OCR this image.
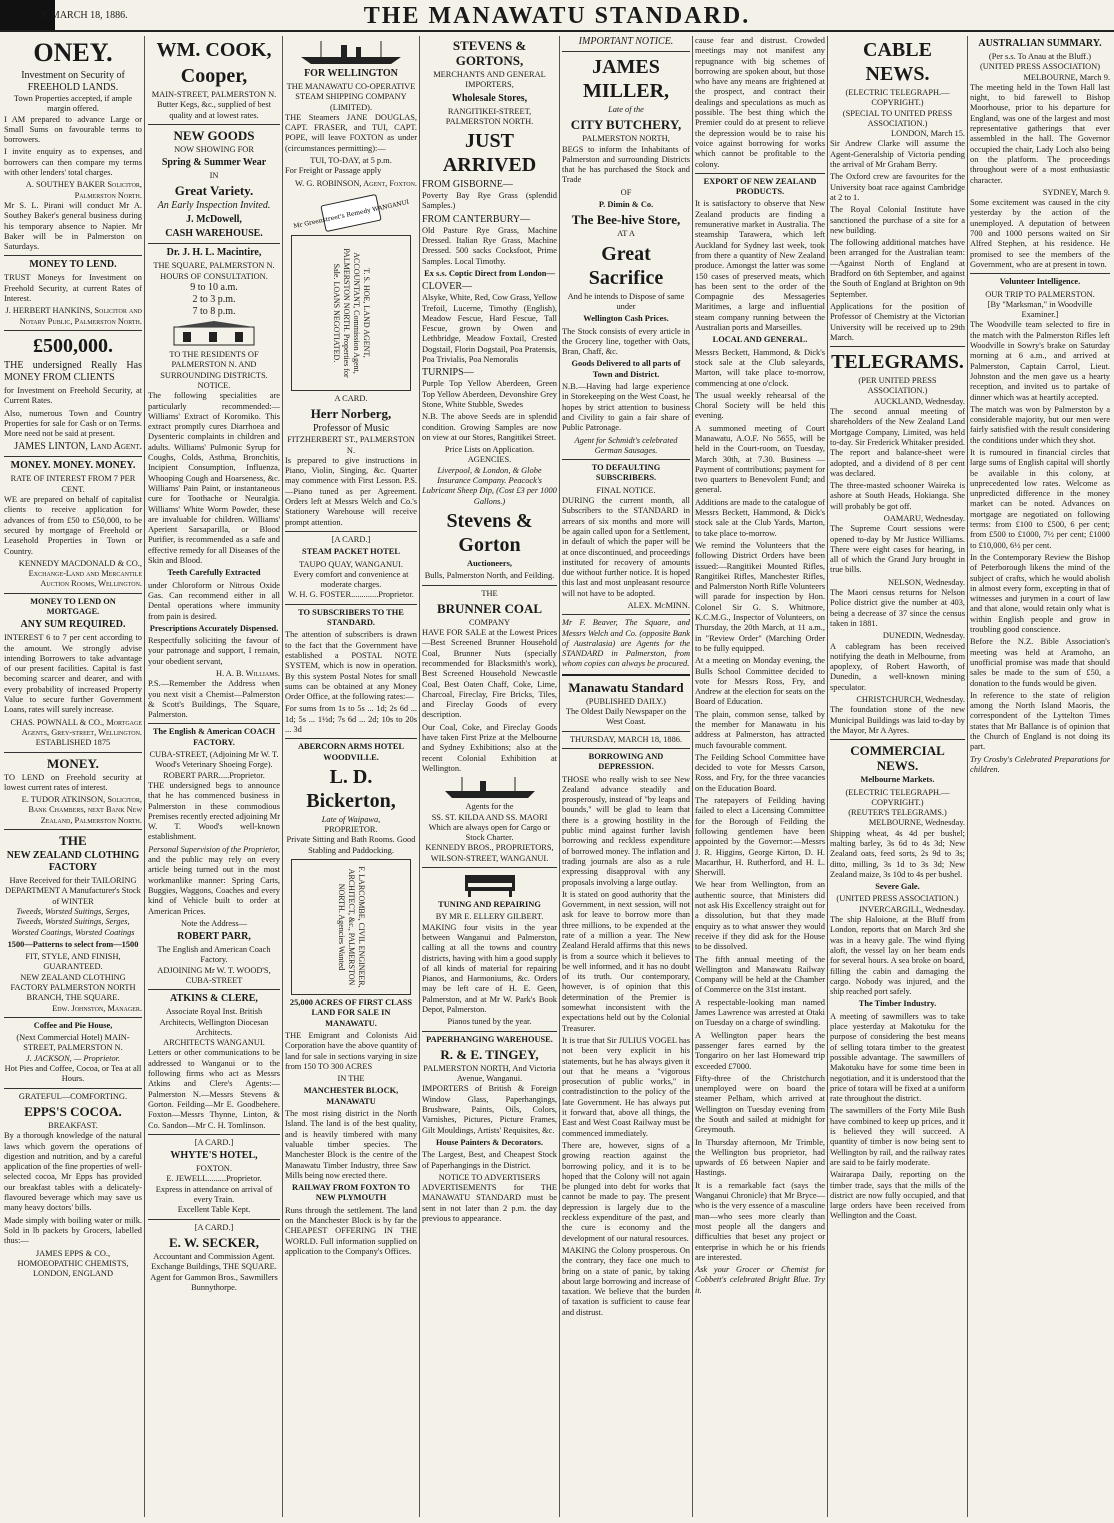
Y, MARCH 18, 1886.	THE MANAWATU STANDARD.
ONEY.
Investment on Security of FREEHOLD LANDS.
Town Properties accepted, if ample margin offered.
I AM prepared to advance Large or Small Sums on favourable terms to borrowers.
I invite enquiry as to expenses, and borrowers can then compare my terms with other lenders' total charges.
A. SOUTHEY BAKER Solicitor, Palmerston North.
Mr S. L. Pirani will conduct Mr A. Southey Baker's general business during his temporary absence to Napier. Mr Baker will be in Palmerston on Saturdays.
MONEY TO LEND.
TRUST Moneys for Investment on Freehold Security, at current Rates of Interest.
J. HERBERT HANKINS, Solicitor and Notary Public, Palmerston North.
£500,000.
THE undersigned Really Has MONEY FROM CLIENTS
for Investment on Freehold Security, at Current Rates.
Also, numerous Town and Country Properties for sale for Cash or on Terms. More need not be said at present.
JAMES LINTON, Land Agent.
MONEY. MONEY. MONEY.
RATE OF INTEREST FROM 7 PER CENT.
WE are prepared on behalf of capitalist clients to receive application for advances of from £50 to £50,000, to be secured by mortgage of Freehold or Leasehold Properties in Town or Country.
KENNEDY MACDONALD & CO., Exchange-Land and Mercantile Auction Rooms, Wellington.
MONEY TO LEND ON MORTGAGE.
ANY SUM REQUIRED.
INTEREST 6 to 7 per cent according to the amount. We strongly advise intending Borrowers to take advantage of our present facilities. Capital is fast becoming scarcer and dearer, and with every probability of increased Property Value to secure further Government Loans, rates will surely increase.
CHAS. POWNALL & CO., Mortgage Agents, Grey-street, Wellington.
ESTABLISHED 1875
MONEY.
TO LEND on Freehold security at lowest current rates of interest.
E. TUDOR ATKINSON, Solicitor, Bank Chambers, next Bank New Zealand, Palmerston North.
THE
NEW ZEALAND CLOTHING FACTORY
Have Received for their TAILORING DEPARTMENT A Manufacturer's Stock of WINTER
Tweeds, Worsted Suitings, Serges, Tweeds, Worsted Suitings, Serges, Worsted Coatings, Worsted Coatings
1500—Patterns to select from—1500
FIT, STYLE, AND FINISH, GUARANTEED.
NEW ZEALAND CLOTHING FACTORY PALMERSTON NORTH BRANCH, THE SQUARE.
Edw. Johnston, Manager.
Coffee and Pie House,
(Next Commercial Hotel) MAIN-STREET, PALMERSTON N.
J. JACKSON, — Proprietor.
Hot Pies and Coffee, Cocoa, or Tea at all Hours.
GRATEFUL—COMFORTING.
EPPS'S COCOA.
BREAKFAST.
By a thorough knowledge of the natural laws which govern the operations of digestion and nutrition, and by a careful application of the fine properties of well-selected cocoa, Mr Epps has provided our breakfast tables with a delicately-flavoured beverage which may save us many heavy doctors' bills.
Made simply with boiling water or milk. Sold in lb packets by Grocers, labelled thus:—
JAMES EPPS & CO., HOMOEOPATHIC CHEMISTS, LONDON, ENGLAND
WM. COOK,
Cooper,
MAIN-STREET, PALMERSTON N.
Butter Kegs, &c., supplied of best quality and at lowest rates.
NEW GOODS
NOW SHOWING FOR
Spring & Summer Wear
IN
Great Variety.
An Early Inspection Invited.
J. McDowell,
CASH WAREHOUSE.
Dr. J. H. L. Macintire,
THE SQUARE, PALMERSTON N.
HOURS OF CONSULTATION.
9 to 10 a.m.
2 to 3 p.m.
7 to 8 p.m.
TO THE RESIDENTS OF PALMERSTON N. AND SURROUNDING DISTRICTS.
NOTICE.
The following specialities are particularly recommended:— Williams' Extract of Koromiko. This extract promptly cures Diarrhoea and Dysenteric complaints in children and adults. Williams' Pulmonic Syrup for Coughs, Colds, Asthma, Bronchitis, Incipient Consumption, Influenza, Whooping Cough and Hoarseness, &c. Williams' Pain Paint, or instantaneous cure for Toothache or Neuralgia. Williams' White Worm Powder, these are invaluable for children. Williams' Aperient Sarsaparilla, or Blood Purifier, is recommended as a safe and effective remedy for all Diseases of the Skin and Blood.
Teeth Carefully Extracted
under Chloroform or Nitrous Oxide Gas. Can recommend either in all Dental operations where immunity from pain is desired.
Prescriptions Accurately Dispensed.
Respectfully soliciting the favour of your patronage and support, I remain, your obedient servant,
H. A. B. Williams.
P.S.—Remember the Address when you next visit a Chemist—Palmerston & Scott's Buildings, The Square, Palmerston.
The English & American COACH FACTORY.
CUBA-STREET, (Adjoining Mr W. T. Wood's Veterinary Shoeing Forge).
ROBERT PARR.....Proprietor.
THE undersigned begs to announce that he has commenced business in Palmerston in these commodious Premises recently erected adjoining Mr W. T. Wood's well-known establishment.
Personal Supervision of the Proprietor,
and the public may rely on every article being turned out in the most workmanlike manner: Spring Carts, Buggies, Waggons, Coaches and every kind of Vehicle built to order at American Prices.
Note the Address—
ROBERT PARR,
The English and American Coach Factory.
ADJOINING Mr W. T. WOOD'S, CUBA-STREET
ATKINS & CLERE,
Associate Royal Inst. British Architects, Wellington Diocesan Architects.
ARCHITECTS WANGANUI.
Letters or other communications to be addressed to Wanganui or to the following firms who act as Messrs Atkins and Clere's Agents:— Palmerston N.—Messrs Stevens & Gorton. Feilding—Mr E. Goodbehere. Foxton—Messrs Thynne, Linton, & Co. Sandon—Mr C. H. Tomlinson.
[A CARD.]
WHYTE'S HOTEL,
FOXTON.
E. JEWELL.........Proprietor.
Express in attendance on arrival of every Train.
Excellent Table Kept.
[A CARD.]
E. W. SECKER,
Accountant and Commission Agent.
Exchange Buildings, THE SQUARE.
Agent for Gammon Bros., Sawmillers Bunnythorpe.
FOR WELLINGTON
THE MANAWATU CO-OPERATIVE STEAM SHIPPING COMPANY (LIMITED).
THE Steamers JANE DOUGLAS, CAPT. FRASER, and TUI, CAPT. POPE, will leave FOXTON as under (circumstances permitting):—
TUI, TO-DAY, at 5 p.m.
For Freight or Passage apply
W. G. ROBINSON, Agent, Foxton.
Mr Greenstreet's Remedy WANGANUI
T. S. HOE, LAND AGENT, ACCOUNTANT, Commission Agent, PALMERSTON NORTH. Properties for Sale. LOANS NEGOTIATED.
A CARD.
Herr Norberg,
Professor of Music
FITZHERBERT ST., PALMERSTON N.
Is prepared to give instructions in Piano, Violin, Singing, &c. Quarter may commence with First Lesson. P.S.—Piano tuned as per Agreement. Orders left at Messrs Welch and Co.'s Stationery Warehouse will receive prompt attention.
[A CARD.]
STEAM PACKET HOTEL
TAUPO QUAY, WANGANUI.
Every comfort and convenience at moderate charges.
W. H. G. FOSTER.............Proprietor.
TO SUBSCRIBERS TO THE STANDARD.
The attention of subscribers is drawn to the fact that the Government have established a POSTAL NOTE SYSTEM, which is now in operation. By this system Postal Notes for small sums can be obtained at any Money Order Office, at the following rates:—
For sums from 1s to 5s ... 1d; 2s 6d ... 1d; 5s ... 1½d; 7s 6d ... 2d; 10s to 20s ... 3d
ABERCORN ARMS HOTEL WOODVILLE.
L. D. Bickerton,
Late of Waipawa,
PROPRIETOR.
Private Sitting and Bath Rooms. Good Stabling and Paddocking.
F. LARCOMBE, CIVIL ENGINEER, ARCHITECT, &c., PALMERSTON NORTH. Agencies Wanted
25,000 ACRES OF FIRST CLASS LAND FOR SALE IN MANAWATU.
THE Emigrant and Colonists Aid Corporation have the above quantity of land for sale in sections varying in size from 150 TO 300 ACRES
IN THE
MANCHESTER BLOCK, MANAWATU
The most rising district in the North Island. The land is of the best quality, and is heavily timbered with many valuable timber species. The Manchester Block is the centre of the Manawatu Timber Industry, three Saw Mills being now erected there.
RAILWAY FROM FOXTON TO NEW PLYMOUTH
Runs through the settlement. The land on the Manchester Block is by far the CHEAPEST OFFERING IN THE WORLD. Full information supplied on application to the Company's Offices.
STEVENS & GORTONS,
MERCHANTS AND GENERAL IMPORTERS,
Wholesale Stores,
RANGITIKEI-STREET, PALMERSTON NORTH.
JUST ARRIVED
FROM GISBORNE—
Poverty Bay Rye Grass (splendid Samples.)
FROM CANTERBURY—
Old Pasture Rye Grass, Machine Dressed. Italian Rye Grass, Machine Dressed. 500 sacks Cocksfoot, Prime Samples. Local Timothy.
Ex s.s. Coptic Direct from London—
CLOVER—
Alsyke, White, Red, Cow Grass, Yellow Trefoil, Lucerne, Timothy (English), Meadow Fescue, Hard Fescue, Tall Fescue, grown by Owen and Lethbridge, Meadow Foxtail, Crested Dogstail, Florin Dogstail, Poa Pratensis, Poa Trivialis, Poa Nemoralis
TURNIPS—
Purple Top Yellow Aberdeen, Green Top Yellow Aberdeen, Devonshire Grey Stone, White Stubble, Swedes
N.B. The above Seeds are in splendid condition. Growing Samples are now on view at our Stores, Rangitikei Street.
Price Lists on Application.
AGENCIES.
Liverpool, & London, & Globe Insurance Company. Peacock's Lubricant Sheep Dip, (Cost £3 per 1000 Gallons.)
Stevens & Gorton
Auctioneers,
Bulls, Palmerston North, and Feilding.
THE
BRUNNER COAL
COMPANY
HAVE FOR SALE at the Lowest Prices—Best Screened Brunner Household Coal, Brunner Nuts (specially recommended for Blacksmith's work), Best Screened Household Newcastle Coal, Best Oaten Chaff, Coke, Lime, Charcoal, Fireclay, Fire Bricks, Tiles, and Fireclay Goods of every description.
Our Coal, Coke, and Fireclay Goods have taken First Prize at the Melbourne and Sydney Exhibitions; also at the recent Colonial Exhibition at Wellington.
Agents for the
SS. ST. KILDA AND SS. MAORI
Which are always open for Cargo or Stock Charter.
KENNEDY BROS., PROPRIETORS, WILSON-STREET, WANGANUI.
TUNING AND REPAIRING
BY MR E. ELLERY GILBERT.
MAKING four visits in the year between Wanganui and Palmerston, calling at all the towns and country districts, having with him a good supply of all kinds of material for repairing Pianos, and Harmoniums, &c. Orders may be left care of H. E. Geen, Palmerston, and at Mr W. Park's Book Depot, Palmerston.
Pianos tuned by the year.
PAPERHANGING WAREHOUSE.
R. & E. TINGEY,
PALMERSTON NORTH, And Victoria Avenue, Wanganui.
IMPORTERS of British & Foreign Window Glass, Paperhangings, Brushware, Paints, Oils, Colors, Varnishes, Pictures, Picture Frames, Gilt Mouldings, Artists' Requisites, &c.
House Painters & Decorators.
The Largest, Best, and Cheapest Stock of Paperhangings in the District.
NOTICE TO ADVERTISERS
ADVERTISEMENTS for THE MANAWATU STANDARD must be sent in not later than 2 p.m. the day previous to appearance.
IMPORTANT NOTICE.
JAMES MILLER,
Late of the
CITY BUTCHERY,
PALMERSTON NORTH,
BEGS to inform the Inhabitants of Palmerston and surrounding Districts that he has purchased the Stock and Trade
OF
P. Dimin & Co.
The Bee-hive Store,
AT A
Great Sacrifice
And he intends to Dispose of same under
Wellington Cash Prices.
The Stock consists of every article in the Grocery line, together with Oats, Bran, Chaff, &c.
Goods Delivered to all parts of Town and District.
N.B.—Having had large experience in Storekeeping on the West Coast, he hopes by strict attention to business and Civility to gain a fair share of Public Patronage.
Agent for Schmidt's celebrated German Sausages.
TO DEFAULTING SUBSCRIBERS.
FINAL NOTICE.
DURING the current month, all Subscribers to the STANDARD in arrears of six months and more will be again called upon for a Settlement, in default of which the paper will be at once discontinued, and proceedings instituted for recovery of amounts due without further notice. It is hoped this last and most unpleasant resource will not have to be adopted.
ALEX. McMINN.
Mr F. Beaver, The Square, and Messrs Welch and Co. (opposite Bank of Australasia) are Agents for the STANDARD in Palmerston, from whom copies can always be procured.
Manawatu Standard
(PUBLISHED DAILY.)
The Oldest Daily Newspaper on the West Coast.
THURSDAY, MARCH 18, 1886.
BORROWING AND DEPRESSION.
THOSE who really wish to see New Zealand advance steadily and prosperously, instead of "by leaps and bounds," will be glad to learn that there is a growing hostility in the public mind against further lavish borrowing and reckless expenditure of borrowed money. The inflation and trading journals are also as a rule expressing disapproval with any proposals involving a large outlay.
It is stated on good authority that the Government, in next session, will not ask for leave to borrow more than three millions, to be expended at the rate of a million a year. The New Zealand Herald affirms that this news is from a source which it believes to be well informed, and it has no doubt of its truth. Our contemporary, however, is of opinion that this determination of the Premier is somewhat inconsistent with the expectations held out by the Colonial Treasurer.
It is true that Sir JULIUS VOGEL has not been very explicit in his statements, but he has always given it out that he means a "vigorous prosecution of public works," in contradistinction to the policy of the late Government. He has always put it forward that, above all things, the East and West Coast Railway must be commenced immediately.
There are, however, signs of a growing reaction against the borrowing policy, and it is to be hoped that the Colony will not again be plunged into debt for works that cannot be made to pay. The present depression is largely due to the reckless expenditure of the past, and the cure is economy and the development of our natural resources.
MAKING the Colony prosperous. On the contrary, they face one much to bring on a state of panic, by taking about large borrowing and increase of taxation. We believe that the burden of taxation is sufficient to cause fear and distrust.
cause fear and distrust. Crowded meetings may not manifest any repugnance with big schemes of borrowing are spoken about, but those who have any means are frightened at the prospect, and contract their dealings and speculations as much as possible. The best thing which the Premier could do at present to relieve the depression would be to raise his voice against borrowing for works which cannot be profitable to the colony.
EXPORT OF NEW ZEALAND PRODUCTS.
It is satisfactory to observe that New Zealand products are finding a remunerative market in Australia. The steamship Tarawera, which left Auckland for Sydney last week, took from there a quantity of New Zealand produce. Amongst the latter was some 150 cases of preserved meats, which has been sent to the order of the Compagnie des Messageries Maritimes, a large and influential steam company running between the Australian ports and Marseilles.
LOCAL AND GENERAL.
Messrs Beckett, Hammond, & Dick's stock sale at the Club saleyards, Marton, will take place to-morrow, commencing at one o'clock.
The usual weekly rehearsal of the Choral Society will be held this evening.
A summoned meeting of Court Manawatu, A.O.F. No 5655, will be held in the Court-room, on Tuesday, March 30th, at 7.30. Business — Payment of contributions; payment for two quarters to Benevolent Fund; and general.
Additions are made to the catalogue of Messrs Beckett, Hammond, & Dick's stock sale at the Club Yards, Marton, to take place to-morrow.
We remind the Volunteers that the following District Orders have been issued:—Rangitikei Mounted Rifles, Rangitikei Rifles, Manchester Rifles, and Palmerston North Rifle Volunteers will parade for inspection by Hon. Colonel Sir G. S. Whitmore, K.C.M.G., Inspector of Volunteers, on Thursday, the 20th March, at 11 a.m., in "Review Order" (Marching Order to be fully equipped.
At a meeting on Monday evening, the Bulls School Committee decided to vote for Messrs Ross, Fry, and Andrew at the election for seats on the Board of Education.
The plain, common sense, talked by the member for Manawatu in his address at Palmerston, has attracted much favourable comment.
The Feilding School Committee have decided to vote for Messrs Carson, Ross, and Fry, for the three vacancies on the Education Board.
The ratepayers of Feilding having failed to elect a Licensing Committee for the Borough of Feilding the following gentlemen have been appointed by the Governor:—Messrs J. R. Higgins, George Kirton, D. H. Macarthur, H. Rutherford, and H. L. Sherwill.
We hear from Wellington, from an authentic source, that Ministers did not ask His Excellency straight out for a dissolution, but that they made enquiry as to what answer they would receive if they did ask for the House to be dissolved.
The fifth annual meeting of the Wellington and Manawatu Railway Company will be held at the Chamber of Commerce on the 31st instant.
A respectable-looking man named James Lawrence was arrested at Otaki on Tuesday on a charge of swindling.
A Wellington paper hears the passenger fares earned by the Tongariro on her last Homeward trip exceeded £7000.
Fifty-three of the Christchurch unemployed were on board the steamer Pelham, which arrived at Wellington on Tuesday evening from the South and sailed at midnight for Greymouth.
In Thursday afternoon, Mr Trimble, the Wellington bus proprietor, had upwards of £6 between Napier and Hastings.
It is a remarkable fact (says the Wanganui Chronicle) that Mr Bryce—who is the very essence of a masculine man—who sees more clearly than most people all the dangers and difficulties that beset any project or enterprise in which he or his friends are interested.
Ask your Grocer or Chemist for Cobbett's celebrated Bright Blue. Try it.
CABLE NEWS.
(ELECTRIC TELEGRAPH.—COPYRIGHT.)
(SPECIAL TO UNITED PRESS ASSOCIATION.)
LONDON, March 15.
Sir Andrew Clarke will assume the Agent-Generalship of Victoria pending the arrival of Mr Graham Berry.
The Oxford crew are favourites for the University boat race against Cambridge at 2 to 1.
The Royal Colonial Institute have sanctioned the purchase of a site for a new building.
The following additional matches have been arranged for the Australian team:—Against North of England at Bradford on 6th September, and against the South of England at Brighton on 9th September.
Applications for the position of Professor of Chemistry at the Victorian University will be received up to 29th March.
TELEGRAMS.
(PER UNITED PRESS ASSOCIATION.)
AUCKLAND, Wednesday.
The second annual meeting of shareholders of the New Zealand Land Mortgage Company, Limited, was held to-day. Sir Frederick Whitaker presided. The report and balance-sheet were adopted, and a dividend of 8 per cent was declared.
The three-masted schooner Waireka is ashore at South Heads, Hokianga. She will probably be got off.
OAMARU, Wednesday.
The Supreme Court sessions were opened to-day by Mr Justice Williams. There were eight cases for hearing, in all of which the Grand Jury brought in true bills.
NELSON, Wednesday.
The Maori census returns for Nelson Police district give the number at 403, being a decrease of 37 since the census taken in 1881.
DUNEDIN, Wednesday.
A cablegram has been received notifying the death in Melbourne, from apoplexy, of Robert Haworth, of Dunedin, a well-known mining speculator.
CHRISTCHURCH, Wednesday.
The foundation stone of the new Municipal Buildings was laid to-day by the Mayor, Mr A Ayres.
COMMERCIAL NEWS.
Melbourne Markets.
(ELECTRIC TELEGRAPH.—COPYRIGHT.)
(REUTER'S TELEGRAMS.)
MELBOURNE, Wednesday.
Shipping wheat, 4s 4d per bushel; malting barley, 3s 6d to 4s 3d; New Zealand oats, feed sorts, 2s 9d to 3s; ditto, milling, 3s 1d to 3s 3d; New Zealand maize, 3s 10d to 4s per bushel.
Severe Gale.
(UNITED PRESS ASSOCIATION.)
INVERCARGILL, Wednesday.
The ship Haloione, at the Bluff from London, reports that on March 3rd she was in a heavy gale. The wind flying aloft, the vessel lay on her beam ends for several hours. A sea broke on board, filling the cabin and damaging the cargo. Nobody was injured, and the ship reached port safely.
The Timber Industry.
A meeting of sawmillers was to take place yesterday at Makotuku for the purpose of considering the best means of selling totara timber to the greatest possible advantage. The sawmillers of Makotuku have for some time been in negotiation, and it is understood that the price of totara will be fixed at a uniform rate throughout the district.
The sawmillers of the Forty Mile Bush have combined to keep up prices, and it is believed they will succeed. A quantity of timber is now being sent to Wellington by rail, and the railway rates are said to be fairly moderate.
Wairarapa Daily, reporting on the timber trade, says that the mills of the district are now fully occupied, and that large orders have been received from Wellington and the Coast.
AUSTRALIAN SUMMARY.
(Per s.s. To Anau at the Bluff.)
(UNITED PRESS ASSOCIATION)
MELBOURNE, March 9.
The meeting held in the Town Hall last night, to bid farewell to Bishop Moorhouse, prior to his departure for England, was one of the largest and most representative gatherings that ever assembled in the hall. The Governor occupied the chair, Lady Loch also being on the platform. The proceedings throughout were of a most enthusiastic character.
SYDNEY, March 9.
Some excitement was caused in the city yesterday by the action of the unemployed. A deputation of between 700 and 1000 persons waited on Sir Alfred Stephen, at his residence. He promised to see the members of the Government, who are at present in town.
Volunteer Intelligence.
OUR TRIP TO PALMERSTON.
[By "Marksman," in Woodville Examiner.]
The Woodville team selected to fire in the match with the Palmerston Rifles left Woodville in Sowry's brake on Saturday morning at 6 a.m., and arrived at Palmerston, Captain Carrol, Lieut. Johnston and the men gave us a hearty reception, and invited us to partake of dinner which was at heartily accepted.
The match was won by Palmerston by a considerable majority, but our men were fairly satisfied with the result considering the conditions under which they shot.
It is rumoured in financial circles that large sums of English capital will shortly be available in this colony, at unprecedented low rates. Welcome as unpredicted difference in the money market can be noted. Advances on mortgage are negotiated on following terms: from £100 to £500, 6 per cent; from £500 to £1000, 7½ per cent; £1000 to £10,000, 6½ per cent.
In the Contemporary Review the Bishop of Peterborough likens the mind of the subject of crafts, which he would abolish in almost every form, excepting in that of witnesses and jurymen in a court of law and that alone, would retain only what is within English people and grow in troubling good conscience.
Before the N.Z. Bible Association's meeting was held at Aramoho, an unofficial promise was made that should sales be made to the sum of £50, a donation to the funds would be given.
In reference to the state of religion among the North Island Maoris, the correspondent of the Lyttelton Times states that Mr Ballance is of opinion that the Church of England is not doing its part.
Try Crosby's Celebrated Preparations for children.
